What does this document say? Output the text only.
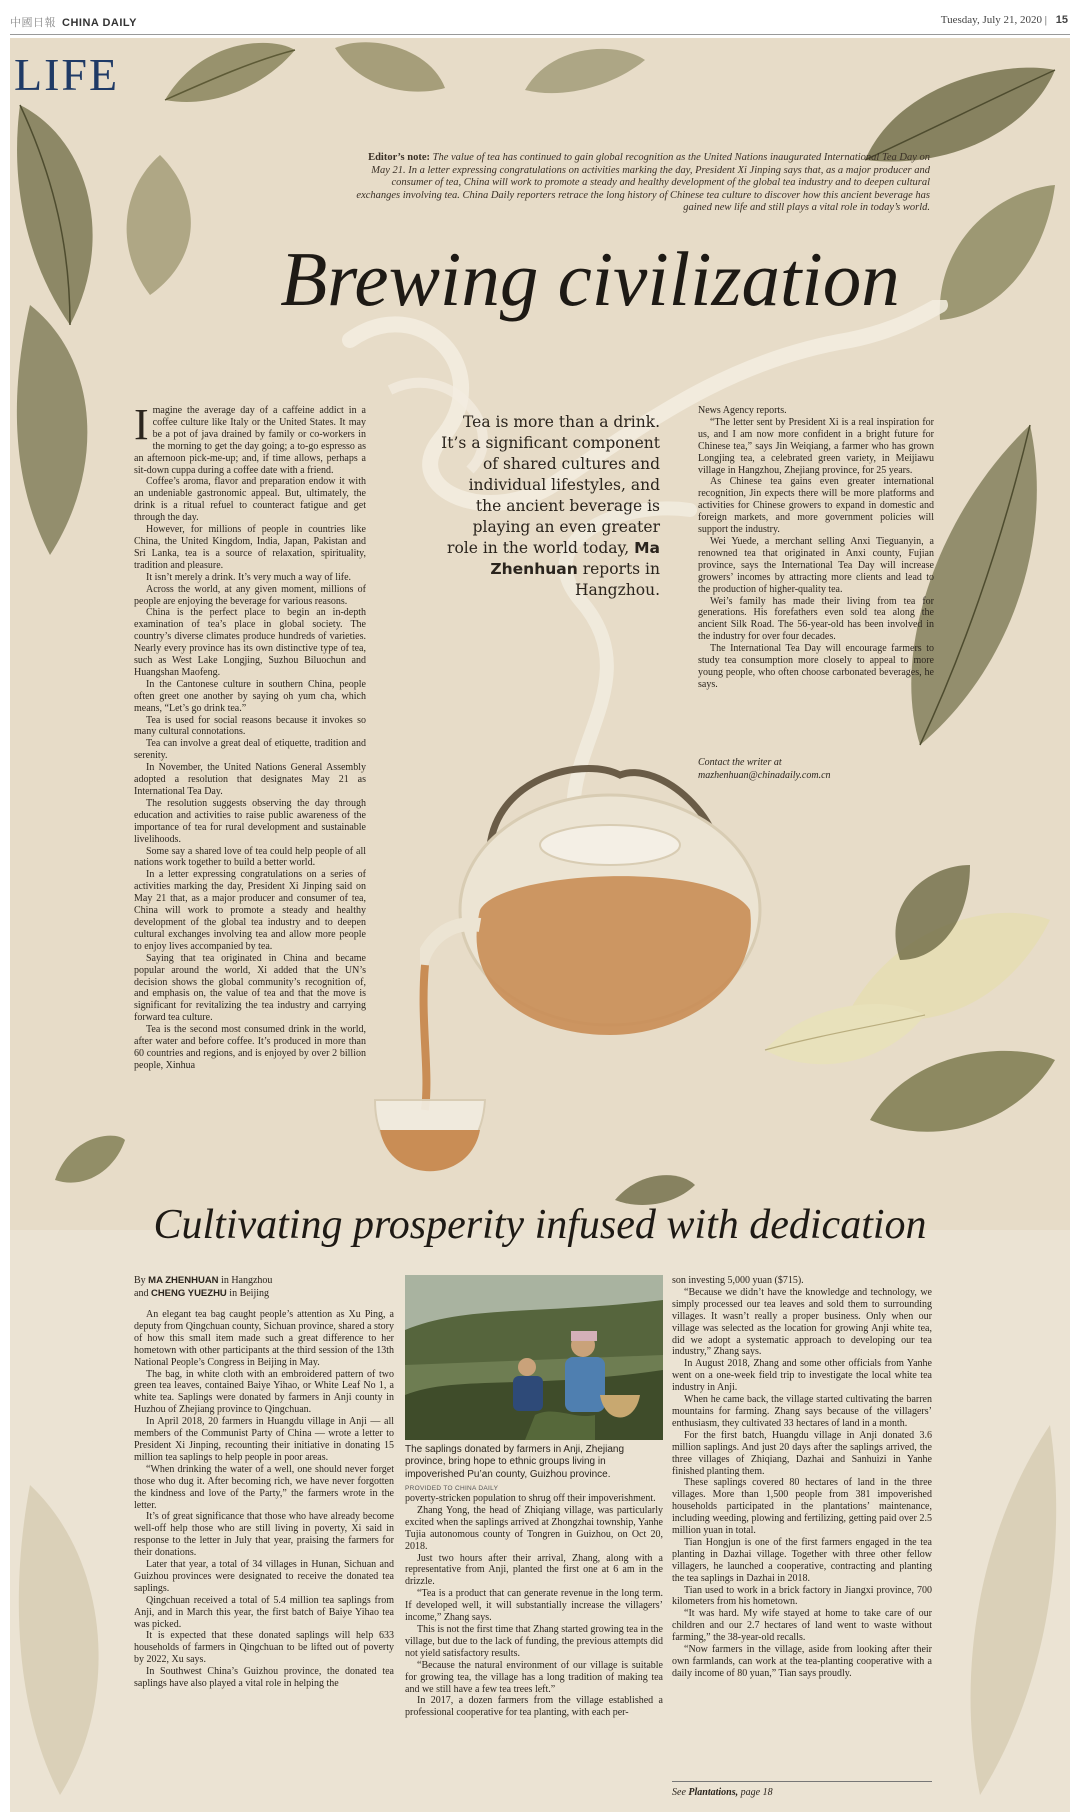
中國日報 CHINA DAILY	Tuesday, July 21, 2020 | 15
LIFE
Editor’s note: The value of tea has continued to gain global recognition as the United Nations inaugurated International Tea Day on May 21. In a letter expressing congratulations on activities marking the day, President Xi Jinping says that, as a major producer and consumer of tea, China will work to promote a steady and healthy development of the global tea industry and to deepen cultural exchanges involving tea. China Daily reporters retrace the long history of Chinese tea culture to discover how this ancient beverage has gained new life and still plays a vital role in today’s world.
Brewing civilization
Tea is more than a drink. It’s a significant component of shared cultures and individual lifestyles, and the ancient beverage is playing an even greater role in the world today, Ma Zhenhuan reports in Hangzhou.

Imagine the average day of a caffeine addict in a coffee culture like Italy or the United States. It may be a pot of java drained by family or co-workers in the morning to get the day going; a to-go espresso as an afternoon pick-me-up; and, if time allows, perhaps a sit-down cuppa during a coffee date with a friend.

Coffee’s aroma, flavor and preparation endow it with an undeniable gastronomic appeal. But, ultimately, the drink is a ritual refuel to counteract fatigue and get through the day.

However, for millions of people in countries like China, the United Kingdom, India, Japan, Pakistan and Sri Lanka, tea is a source of relaxation, spirituality, tradition and pleasure.

It isn’t merely a drink. It’s very much a way of life.

Across the world, at any given moment, millions of people are enjoying the beverage for various reasons.

China is the perfect place to begin an in-depth examination of tea’s place in global society. The country’s diverse climates produce hundreds of varieties. Nearly every province has its own distinctive type of tea, such as West Lake Longjing, Suzhou Biluochun and Huangshan Maofeng.

In the Cantonese culture in southern China, people often greet one another by saying oh yum cha, which means, “Let’s go drink tea.”

Tea is used for social reasons because it invokes so many cultural connotations.

Tea can involve a great deal of etiquette, tradition and serenity.

In November, the United Nations General Assembly adopted a resolution that designates May 21 as International Tea Day.

The resolution suggests observing the day through education and activities to raise public awareness of the importance of tea for rural development and sustainable livelihoods.

Some say a shared love of tea could help people of all nations work together to build a better world.

In a letter expressing congratulations on a series of activities marking the day, President Xi Jinping said on May 21 that, as a major producer and consumer of tea, China will work to promote a steady and healthy development of the global tea industry and to deepen cultural exchanges involving tea and allow more people to enjoy lives accompanied by tea.

Saying that tea originated in China and became popular around the world, Xi added that the UN’s decision shows the global community’s recognition of, and emphasis on, the value of tea and that the move is significant for revitalizing the tea industry and carrying forward tea culture.

Tea is the second most consumed drink in the world, after water and before coffee. It’s produced in more than 60 countries and regions, and is enjoyed by over 2 billion people, Xinhua

News Agency reports.

“The letter sent by President Xi is a real inspiration for us, and I am now more confident in a bright future for Chinese tea,” says Jin Weiqiang, a farmer who has grown Longjing tea, a celebrated green variety, in Meijiawu village in Hangzhou, Zhejiang province, for 25 years.

As Chinese tea gains even greater international recognition, Jin expects there will be more platforms and activities for Chinese growers to expand in domestic and foreign markets, and more government policies will support the industry.

Wei Yuede, a merchant selling Anxi Tieguanyin, a renowned tea that originated in Anxi county, Fujian province, says the International Tea Day will increase growers’ incomes by attracting more clients and lead to the production of higher-quality tea.

Wei’s family has made their living from tea for generations. His forefathers even sold tea along the ancient Silk Road. The 56-year-old has been involved in the industry for over four decades.

The International Tea Day will encourage farmers to study tea consumption more closely to appeal to more young people, who often choose carbonated beverages, he says.

Contact the writer at
mazhenhuan@chinadaily.com.cn
Cultivating prosperity infused with dedication
By MA ZHENHUAN in Hangzhou
and CHENG YUEZHU in Beijing

An elegant tea bag caught people’s attention as Xu Ping, a deputy from Qingchuan county, Sichuan province, shared a story of how this small item made such a great difference to her hometown with other participants at the third session of the 13th National People’s Congress in Beijing in May.

The bag, in white cloth with an embroidered pattern of two green tea leaves, contained Baiye Yihao, or White Leaf No 1, a white tea. Saplings were donated by farmers in Anji county in Huzhou of Zhejiang province to Qingchuan.

In April 2018, 20 farmers in Huangdu village in Anji — all members of the Communist Party of China — wrote a letter to President Xi Jinping, recounting their initiative in donating 15 million tea saplings to help people in poor areas.

“When drinking the water of a well, one should never forget those who dug it. After becoming rich, we have never forgotten the kindness and love of the Party,” the farmers wrote in the letter.

It’s of great significance that those who have already become well-off help those who are still living in poverty, Xi said in response to the letter in July that year, praising the farmers for their donations.

Later that year, a total of 34 villages in Hunan, Sichuan and Guizhou provinces were designated to receive the donated tea saplings.

Qingchuan received a total of 5.4 million tea saplings from Anji, and in March this year, the first batch of Baiye Yihao tea was picked.

It is expected that these donated saplings will help 633 households of farmers in Qingchuan to be lifted out of poverty by 2022, Xu says.

In Southwest China’s Guizhou province, the donated tea saplings have also played a vital role in helping the

The saplings donated by farmers in Anji, Zhejiang province, bring hope to ethnic groups living in impoverished Pu’an county, Guizhou province.
PROVIDED TO CHINA DAILY

poverty-stricken population to shrug off their impoverishment.

Zhang Yong, the head of Zhiqiang village, was particularly excited when the saplings arrived at Zhongzhai township, Yanhe Tujia autonomous county of Tongren in Guizhou, on Oct 20, 2018.

Just two hours after their arrival, Zhang, along with a representative from Anji, planted the first one at 6 am in the drizzle.

“Tea is a product that can generate revenue in the long term. If developed well, it will substantially increase the villagers’ income,” Zhang says.

This is not the first time that Zhang started growing tea in the village, but due to the lack of funding, the previous attempts did not yield satisfactory results.

“Because the natural environment of our village is suitable for growing tea, the village has a long tradition of making tea and we still have a few tea trees left.”

In 2017, a dozen farmers from the village established a professional cooperative for tea planting, with each per-

son investing 5,000 yuan ($715).

“Because we didn’t have the knowledge and technology, we simply processed our tea leaves and sold them to surrounding villages. It wasn’t really a proper business. Only when our village was selected as the location for growing Anji white tea, did we adopt a systematic approach to developing our tea industry,” Zhang says.

In August 2018, Zhang and some other officials from Yanhe went on a one-week field trip to investigate the local white tea industry in Anji.

When he came back, the village started cultivating the barren mountains for farming. Zhang says because of the villagers’ enthusiasm, they cultivated 33 hectares of land in a month.

For the first batch, Huangdu village in Anji donated 3.6 million saplings. And just 20 days after the saplings arrived, the three villages of Zhiqiang, Dazhai and Sanhuizi in Yanhe finished planting them.

These saplings covered 80 hectares of land in the three villages. More than 1,500 people from 381 impoverished households participated in the plantations’ maintenance, including weeding, plowing and fertilizing, getting paid over 2.5 million yuan in total.

Tian Hongjun is one of the first farmers engaged in the tea planting in Dazhai village. Together with three other fellow villagers, he launched a cooperative, contracting and planting the tea saplings in Dazhai in 2018.

Tian used to work in a brick factory in Jiangxi province, 700 kilometers from his hometown.

“It was hard. My wife stayed at home to take care of our children and our 2.7 hectares of land went to waste without farming,” the 38-year-old recalls.

“Now farmers in the village, aside from looking after their own farmlands, can work at the tea-planting cooperative with a daily income of 80 yuan,” Tian says proudly.

See Plantations, page 18
